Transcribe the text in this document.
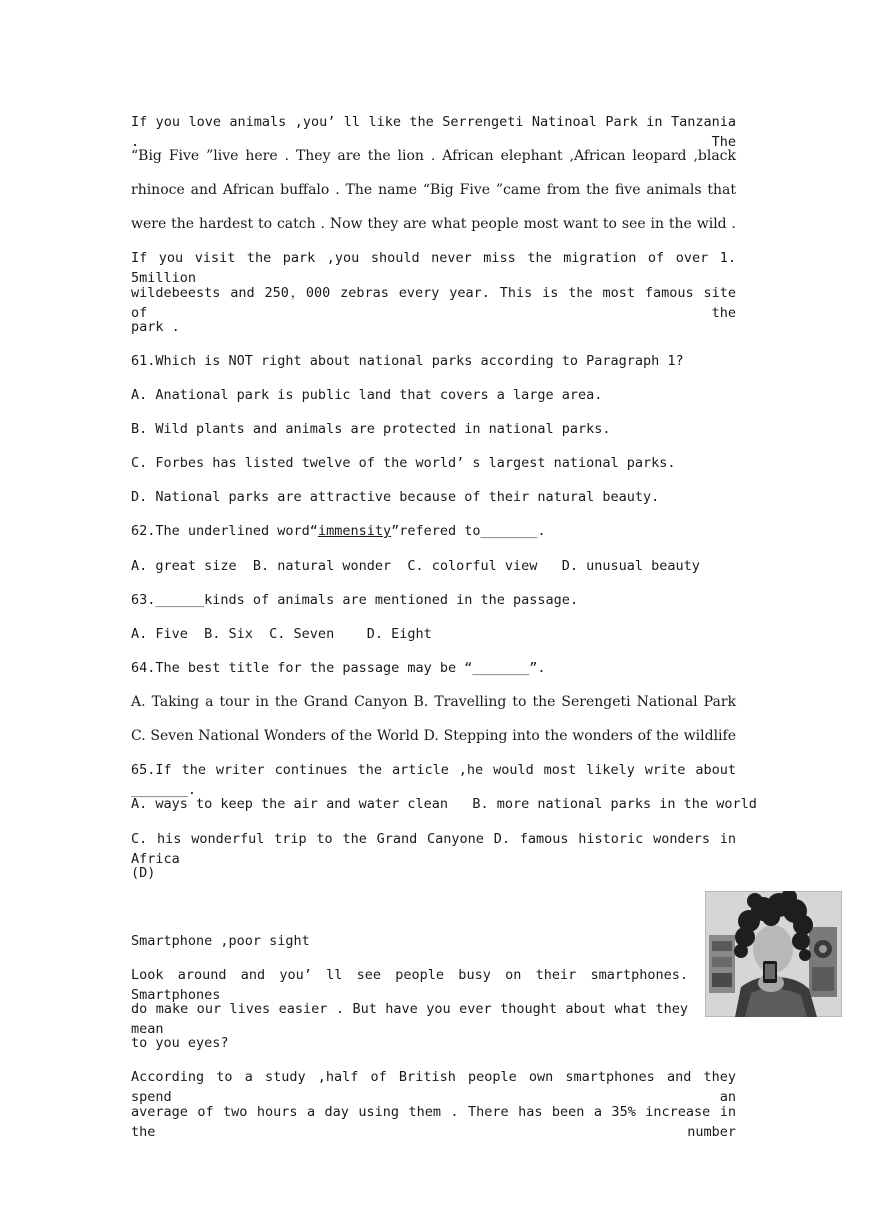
If you love animals ,you’ ll like the Serrengeti Natinoal Park in Tanzania . The
“Big Five ”live here . They are the lion . African elephant ,African leopard ,black
rhinoce and African buffalo . The name “Big Five ”came from the five animals that
were the hardest to catch . Now they are what people most want to see in the wild .
If you visit the park ,you should never miss the migration of over 1. 5million
wildebeests and 250，000 zebras every year. This is the most famous site of the
park .
61.Which is NOT right about national parks according to Paragraph 1?
A. Anational park is public land that covers a large area.
B. Wild plants and animals are protected in national parks.
C. Forbes has listed twelve of the world’ s largest national parks.
D. National parks are attractive because of their natural beauty.
62.The underlined word“immensity”refered to_______.
A. great size  B. natural wonder  C. colorful view   D. unusual beauty
63.______kinds of animals are mentioned in the passage.
A. Five  B. Six  C. Seven    D. Eight
64.The best title for the passage may be “_______”.
A. Taking a tour in the Grand Canyon B. Travelling to the Serengeti National Park
C. Seven National Wonders of the World D. Stepping into the wonders of the wildlife
65.If the writer continues the article ,he would most likely write about _______.
A. ways to keep the air and water clean   B. more national parks in the world
C. his wonderful trip to the Grand Canyone D. famous historic wonders in Africa
(D)
Smartphone ,poor sight
Look around and you’ ll see people busy on their smartphones. Smartphones
do make our lives easier . But have you ever thought about what they mean
to you eyes?
According to a study ,half of British people own smartphones and they spend an
average of two hours a day using them . There has been a 35% increase in the number
